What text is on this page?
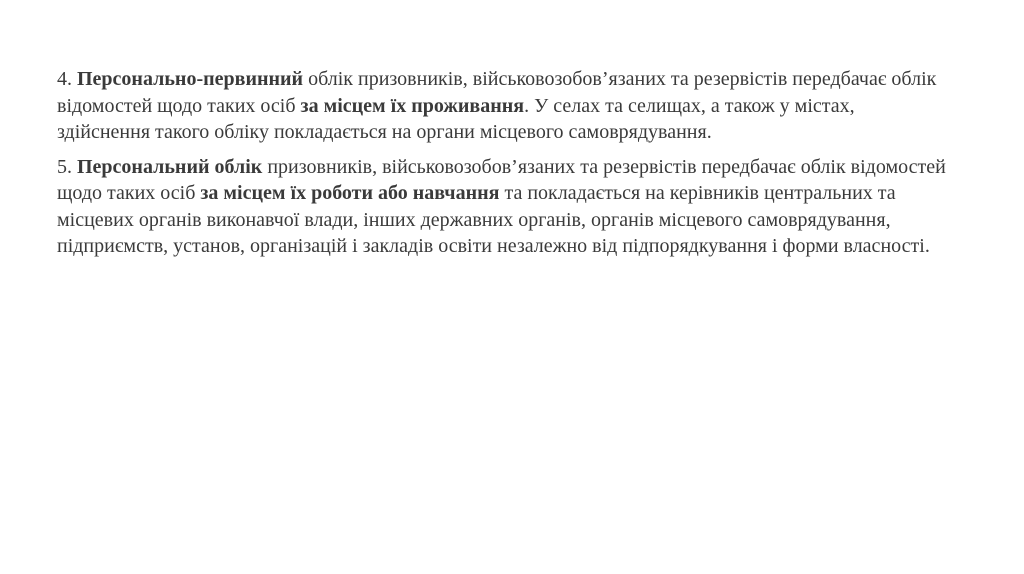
4. Персонально-первинний облік призовників, військовозобов’язаних та резервістів передбачає облік відомостей щодо таких осіб за місцем їх проживання. У селах та селищах, а також у містах, здійснення такого обліку покладається на органи місцевого самоврядування.

5. Персональний облік призовників, військовозобов’язаних та резервістів передбачає облік відомостей щодо таких осіб за місцем їх роботи або навчання та покладається на керівників центральних та місцевих органів виконавчої влади, інших державних органів, органів місцевого самоврядування, підприємств, установ, організацій і закладів освіти незалежно від підпорядкування і форми власності.
